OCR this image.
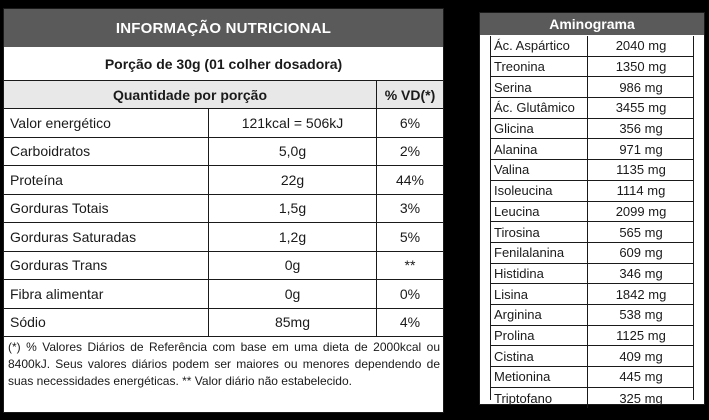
INFORMAÇÃO NUTRICIONAL
Porção de 30g (01 colher dosadora)
Quantidade por porção	% VD(*)
Valor energético	121kcal = 506kJ	6%
Carboidratos	5,0g	2%
Proteína	22g	44%
Gorduras Totais	1,5g	3%
Gorduras Saturadas	1,2g	5%
Gorduras Trans	0g	**
Fibra alimentar	0g	0%
Sódio	85mg	4%
(*) % Valores Diários de Referência com base em uma dieta de 2000kcal ou 8400kJ. Seus valores diários podem ser maiores ou menores dependendo de suas necessidades energéticas. ** Valor diário não estabelecido.
Aminograma
Ác. Aspártico	2040 mg
Treonina	1350 mg
Serina	986 mg
Ác. Glutâmico	3455 mg
Glicina	356 mg
Alanina	971 mg
Valina	1135 mg
Isoleucina	1114 mg
Leucina	2099 mg
Tirosina	565 mg
Fenilalanina	609 mg
Histidina	346 mg
Lisina	1842 mg
Arginina	538 mg
Prolina	1125 mg
Cistina	409 mg
Metionina	445 mg
Triptofano	325 mg
